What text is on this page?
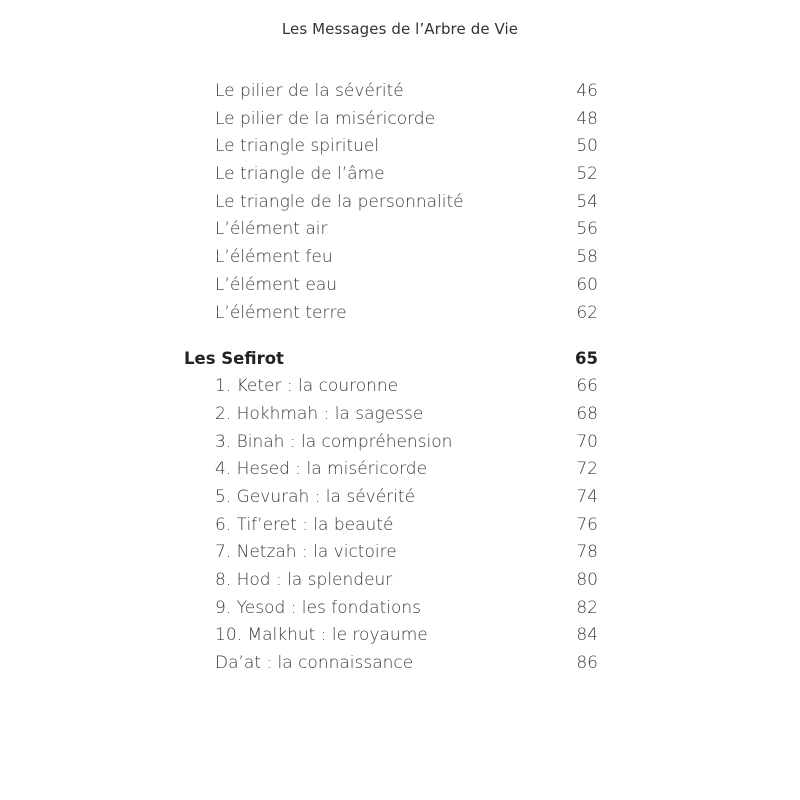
Les Messages de l’Arbre de Vie
Le pilier de la sévérité	46
Le pilier de la miséricorde	48
Le triangle spirituel	50
Le triangle de l’âme	52
Le triangle de la personnalité	54
L’élément air	56
L’élément feu	58
L’élément eau	60
L’élément terre	62
Les Sefirot	65
1. Keter : la couronne	66
2. Hokhmah : la sagesse	68
3. Binah : la compréhension	70
4. Hesed : la miséricorde	72
5. Gevurah : la sévérité	74
6. Tif’eret : la beauté	76
7. Netzah : la victoire	78
8. Hod : la splendeur	80
9. Yesod : les fondations	82
10. Malkhut : le royaume	84
Da’at : la connaissance	86
